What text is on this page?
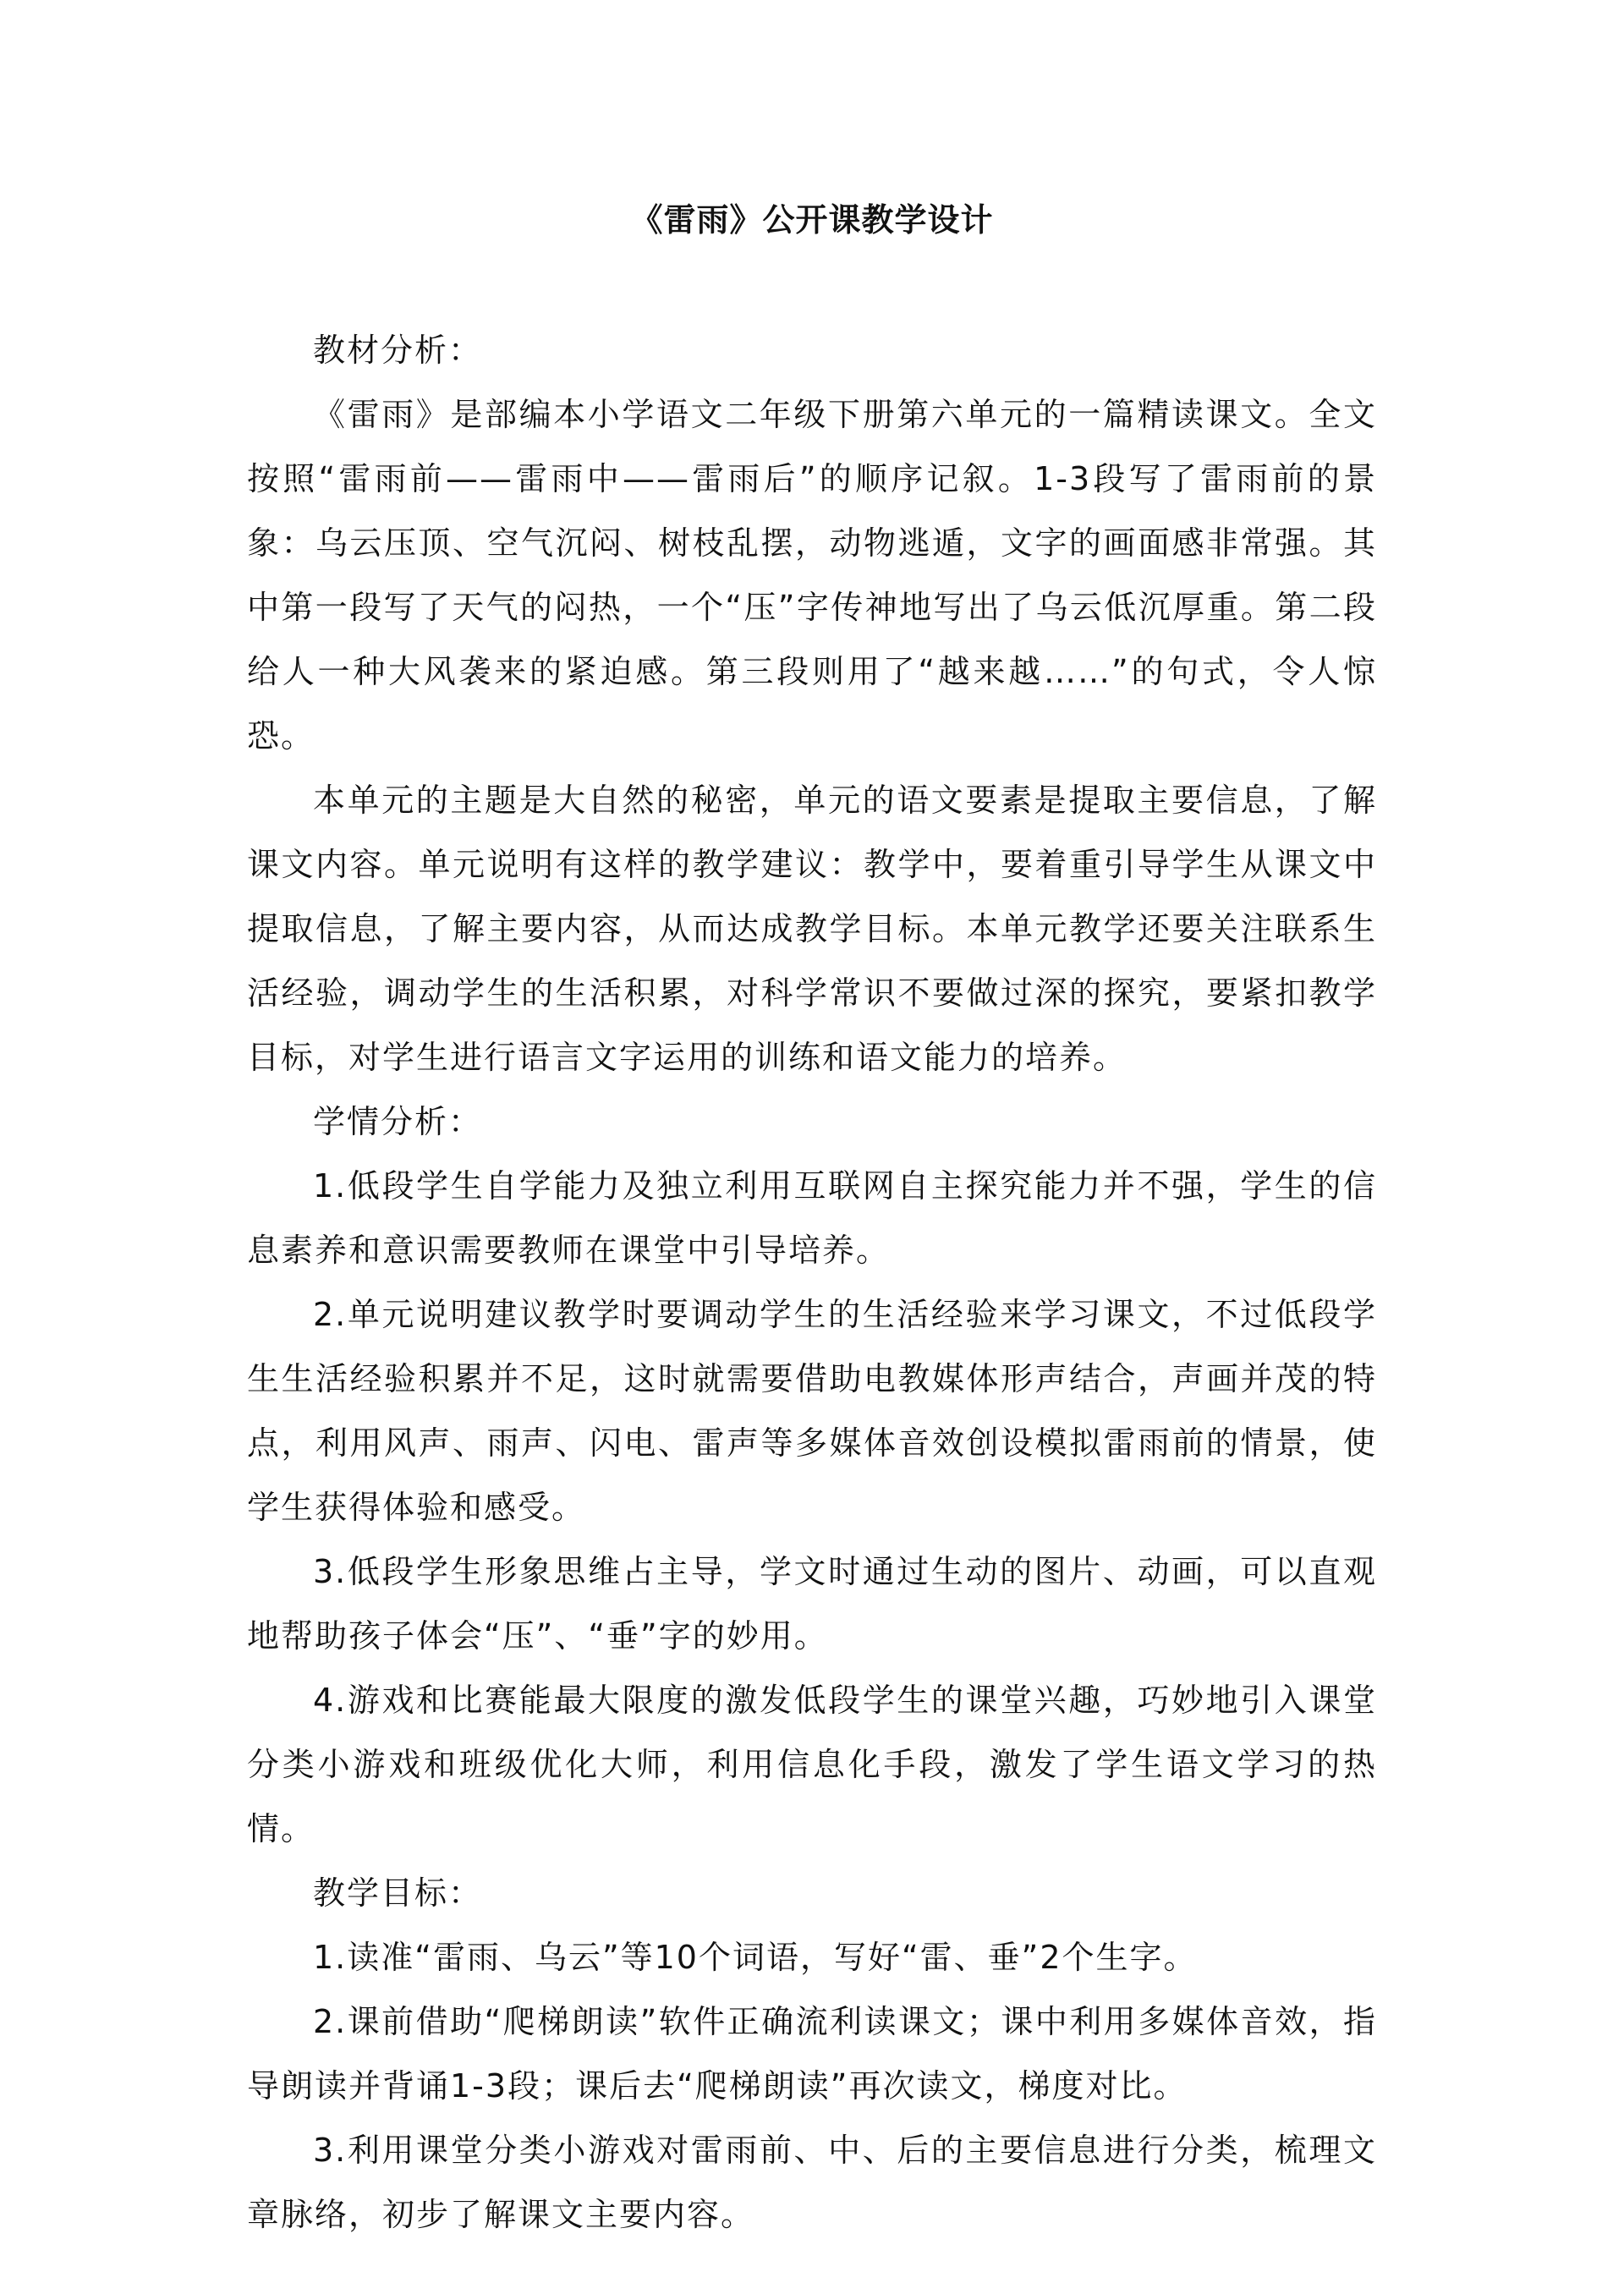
《雷雨》公开课教学设计

教材分析：

《雷雨》是部编本小学语文二年级下册第六单元的一篇精读课文。全文按照“雷雨前——雷雨中——雷雨后”的顺序记叙。1-3段写了雷雨前的景象：乌云压顶、空气沉闷、树枝乱摆，动物逃遁，文字的画面感非常强。其中第一段写了天气的闷热，一个“压”字传神地写出了乌云低沉厚重。第二段给人一种大风袭来的紧迫感。第三段则用了“越来越……”的句式，令人惊恐。

本单元的主题是大自然的秘密，单元的语文要素是提取主要信息，了解课文内容。单元说明有这样的教学建议：教学中，要着重引导学生从课文中提取信息，了解主要内容，从而达成教学目标。本单元教学还要关注联系生活经验，调动学生的生活积累，对科学常识不要做过深的探究，要紧扣教学目标，对学生进行语言文字运用的训练和语文能力的培养。

学情分析：

1.低段学生自学能力及独立利用互联网自主探究能力并不强，学生的信息素养和意识需要教师在课堂中引导培养。

2.单元说明建议教学时要调动学生的生活经验来学习课文，不过低段学生生活经验积累并不足，这时就需要借助电教媒体形声结合，声画并茂的特点，利用风声、雨声、闪电、雷声等多媒体音效创设模拟雷雨前的情景，使学生获得体验和感受。

3.低段学生形象思维占主导，学文时通过生动的图片、动画，可以直观地帮助孩子体会“压”、“垂”字的妙用。

4.游戏和比赛能最大限度的激发低段学生的课堂兴趣，巧妙地引入课堂分类小游戏和班级优化大师，利用信息化手段，激发了学生语文学习的热情。

教学目标：

1.读准“雷雨、乌云”等10个词语，写好“雷、垂”2个生字。

2.课前借助“爬梯朗读”软件正确流利读课文；课中利用多媒体音效，指导朗读并背诵1-3段；课后去“爬梯朗读”再次读文，梯度对比。

3.利用课堂分类小游戏对雷雨前、中、后的主要信息进行分类，梳理文章脉络，初步了解课文主要内容。
